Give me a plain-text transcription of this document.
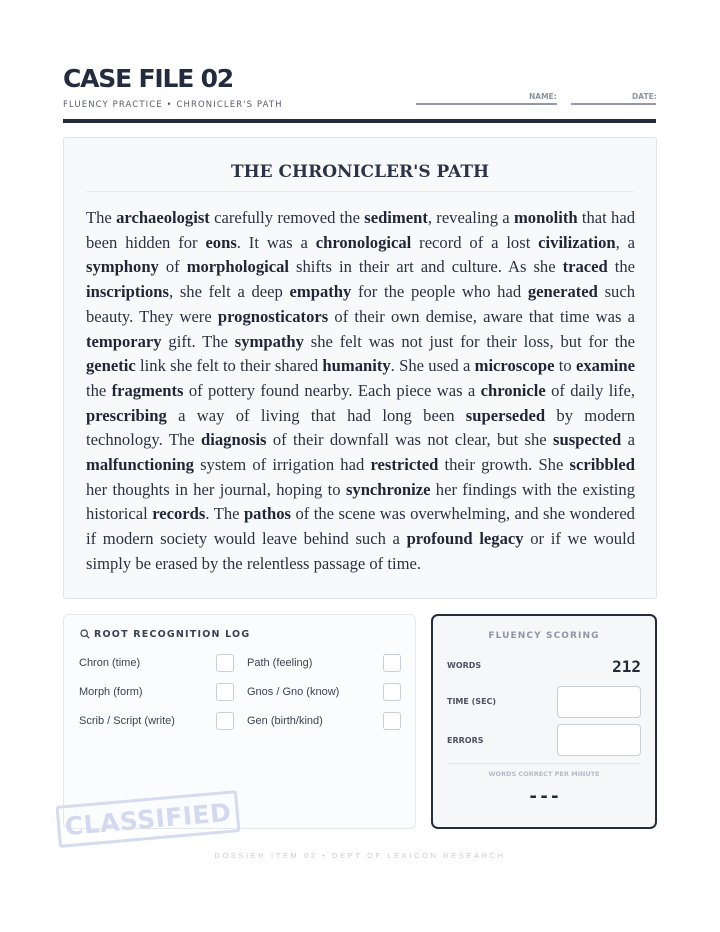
CASE FILE 02
FLUENCY PRACTICE • CHRONICLER'S PATH
NAME:	DATE:
THE CHRONICLER'S PATH
The archaeologist carefully removed the sediment, revealing a monolith that had been hidden for eons. It was a chronological record of a lost civilization, a symphony of morphological shifts in their art and culture. As she traced the inscriptions, she felt a deep empathy for the people who had generated such beauty. They were prognosticators of their own demise, aware that time was a temporary gift. The sympathy she felt was not just for their loss, but for the genetic link she felt to their shared humanity. She used a microscope to examine the fragments of pottery found nearby. Each piece was a chronicle of daily life, prescribing a way of living that had long been superseded by modern technology. The diagnosis of their downfall was not clear, but she suspected a malfunctioning system of irrigation had restricted their growth. She scribbled her thoughts in her journal, hoping to synchronize her findings with the existing historical records. The pathos of the scene was overwhelming, and she wondered if modern society would leave behind such a profound legacy or if we would simply be erased by the relentless passage of time.
ROOT RECOGNITION LOG
Chron (time)	Path (feeling)
Morph (form)	Gnos / Gno (know)
Scrib / Script (write)	Gen (birth/kind)
CLASSIFIED
FLUENCY SCORING
WORDS	212
TIME (SEC)
ERRORS
WORDS CORRECT PER MINUTE
---
DOSSIER ITEM 02 • DEPT OF LEXICON RESEARCH
